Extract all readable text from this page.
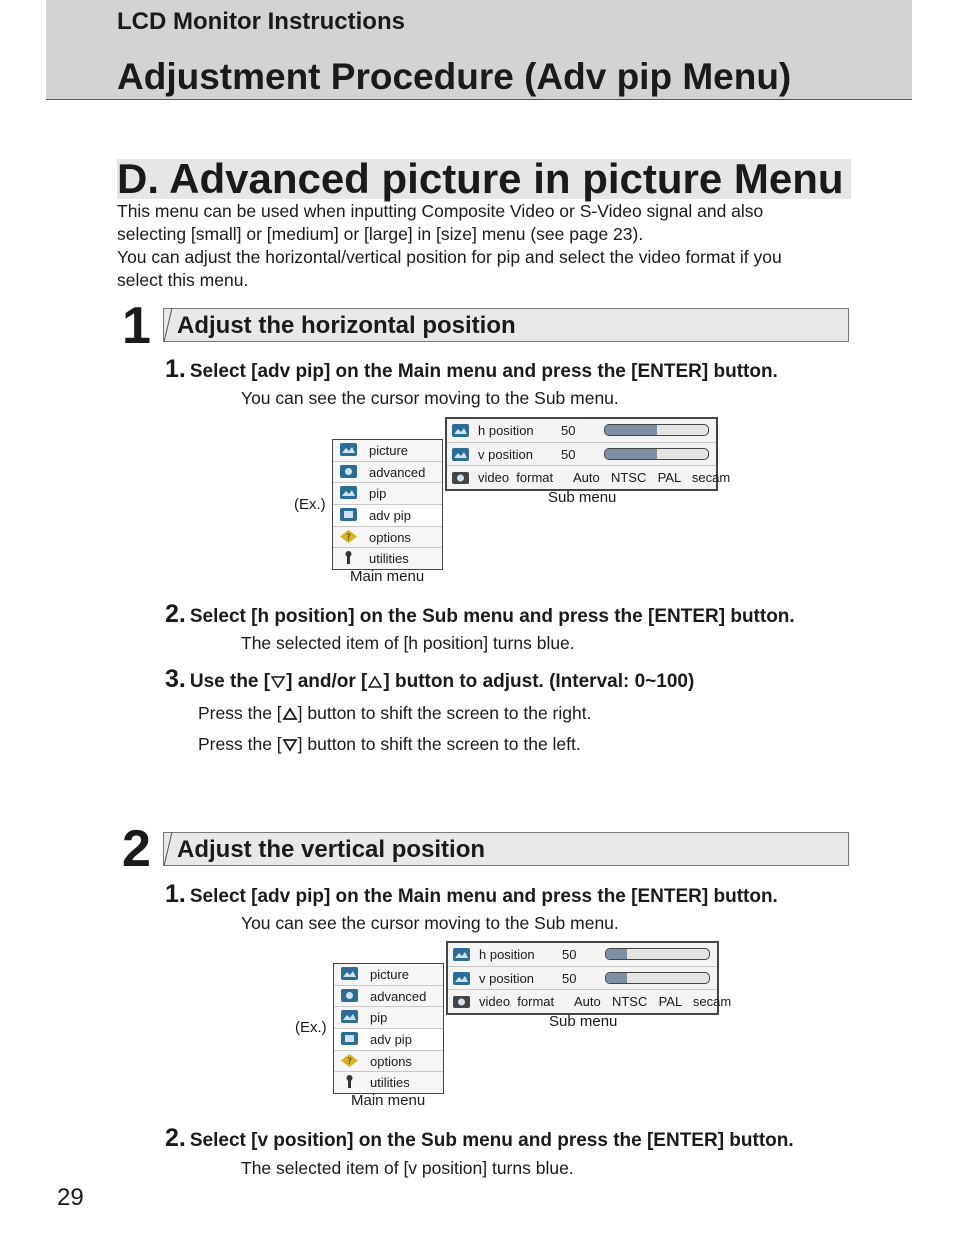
LCD Monitor Instructions
Adjustment Procedure (Adv pip Menu)
D. Advanced picture in picture Menu

This menu can be used when inputting Composite Video or S-Video signal and also

selecting [small] or [medium] or [large] in [size] menu (see page 23).

You can adjust the horizontal/vertical position for pip and select the video format if you

select this menu.

1 Adjust the horizontal position
1. Select [adv pip] on the Main menu and press the [ENTER] button.
You can see the cursor moving to the Sub menu.
(Ex.)
picture
advanced
pip
adv pip
? options
utilities
Main menu
h position 50
v position 50
video  format Auto  NTSC  PAL  secam
Sub menu
2. Select [h position] on the Sub menu and press the [ENTER] button.
The selected item of [h position] turns blue.
3. Use the [ ] and/or [ ] button to adjust. (Interval: 0~100)
Press the [ ] button to shift the screen to the right.
Press the [ ] button to shift the screen to the left.
2 Adjust the vertical position
1. Select [adv pip] on the Main menu and press the [ENTER] button.
You can see the cursor moving to the Sub menu.
(Ex.)
picture
advanced
pip
adv pip
? options
utilities
Main menu
h position 50
v position 50
video  format Auto  NTSC  PAL  secam
Sub menu
2. Select [v position] on the Sub menu and press the [ENTER] button.
The selected item of [v position] turns blue.
29
